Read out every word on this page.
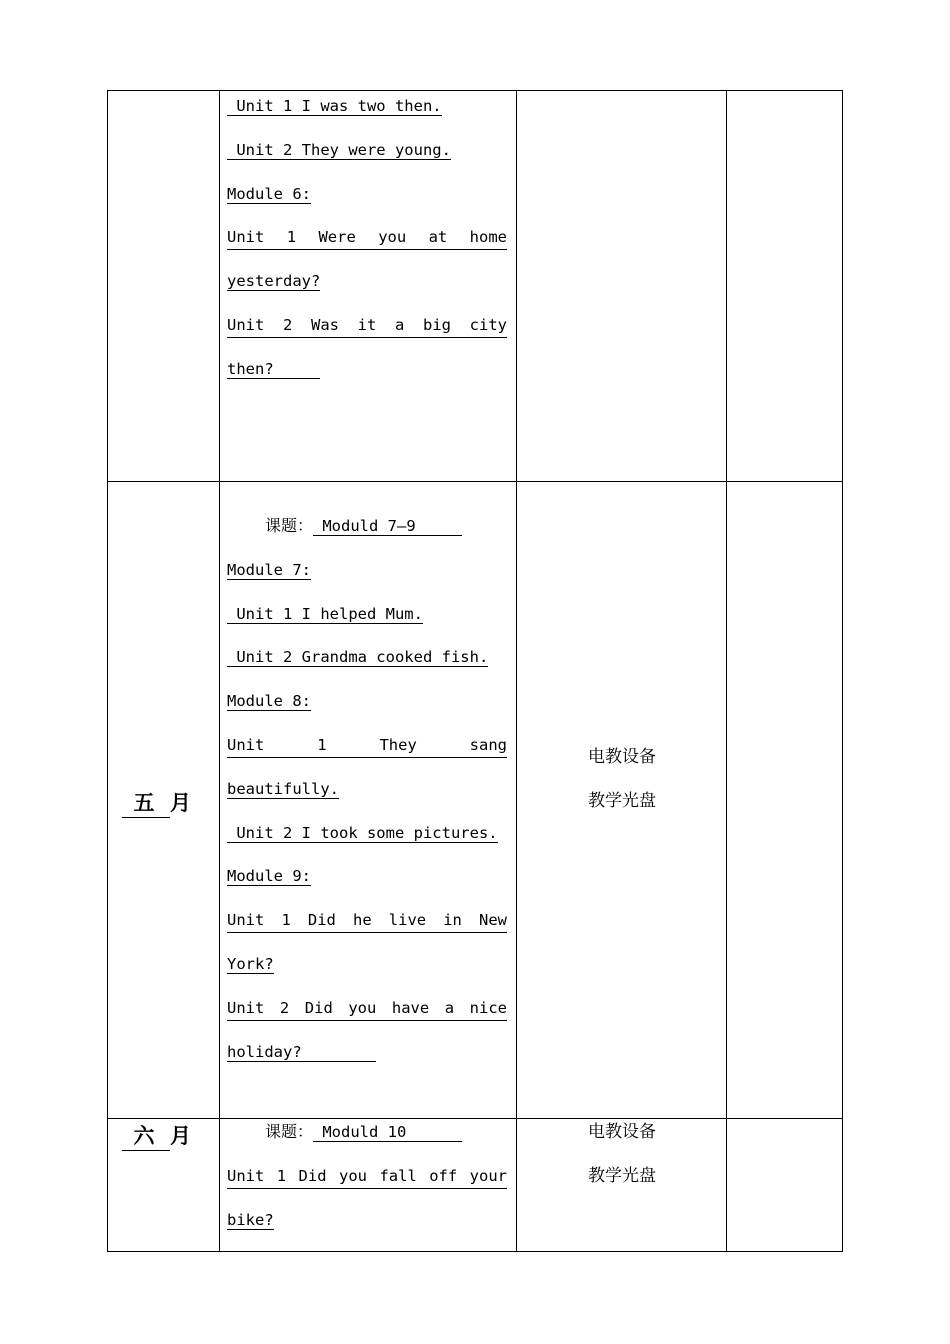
Unit 1 I was two then.
Unit 2 They were young.
Module 6:
Unit 1 Were you at home
yesterday?
Unit 2 Was it a big city
then?
五 月
课题： Moduld 7—9
Module 7:
Unit 1 I helped Mum.
Unit 2 Grandma cooked fish.
Module 8:
Unit 1 They sang
beautifully.
Unit 2 I took some pictures.
Module 9:
Unit 1 Did he live in New
York?
Unit 2 Did you have a nice
holiday?
电教设备
教学光盘
六 月	课题： Moduld 10
Unit 1 Did you fall off your
bike?
电教设备
教学光盘
